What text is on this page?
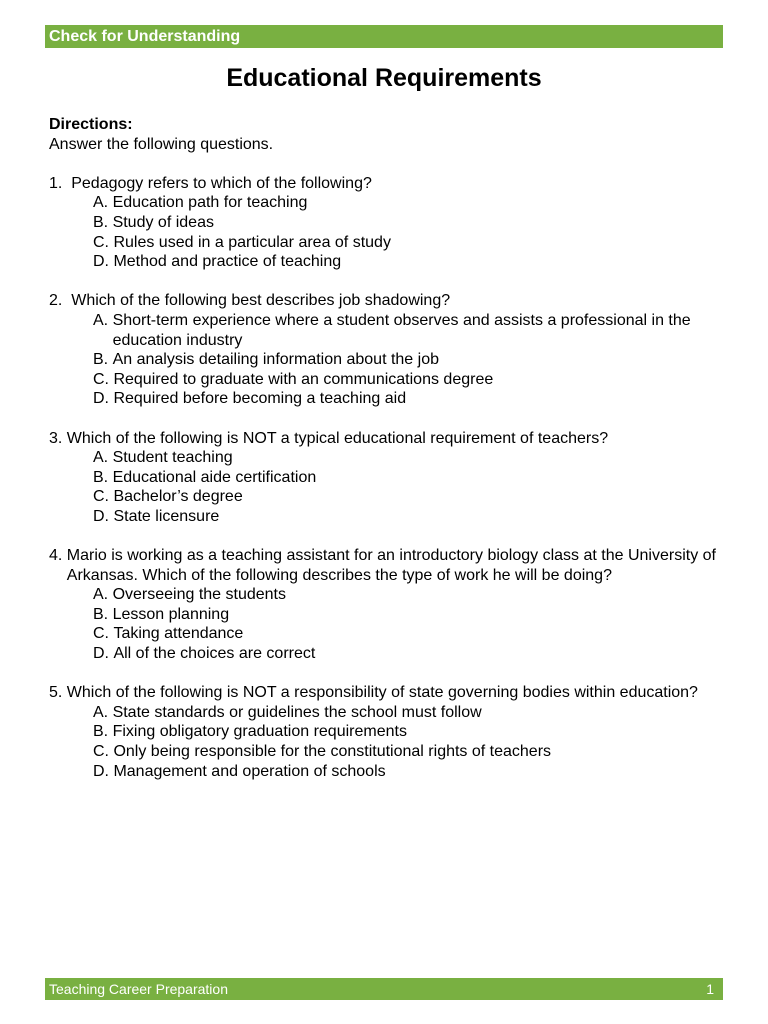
Check for Understanding
Educational Requirements
Directions:
Answer the following questions.
1. Pedagogy refers to which of the following?
A. Education path for teaching
B. Study of ideas
C. Rules used in a particular area of study
D. Method and practice of teaching
2. Which of the following best describes job shadowing?
A. Short-term experience where a student observes and assists a professional in the education industry
B. An analysis detailing information about the job
C. Required to graduate with an communications degree
D. Required before becoming a teaching aid
3. Which of the following is NOT a typical educational requirement of teachers?
A. Student teaching
B. Educational aide certification
C. Bachelor’s degree
D. State licensure
4. Mario is working as a teaching assistant for an introductory biology class at the University of Arkansas. Which of the following describes the type of work he will be doing?
A. Overseeing the students
B. Lesson planning
C. Taking attendance
D. All of the choices are correct
5. Which of the following is NOT a responsibility of state governing bodies within education?
A. State standards or guidelines the school must follow
B. Fixing obligatory graduation requirements
C. Only being responsible for the constitutional rights of teachers
D. Management and operation of schools
Teaching Career Preparation	1
